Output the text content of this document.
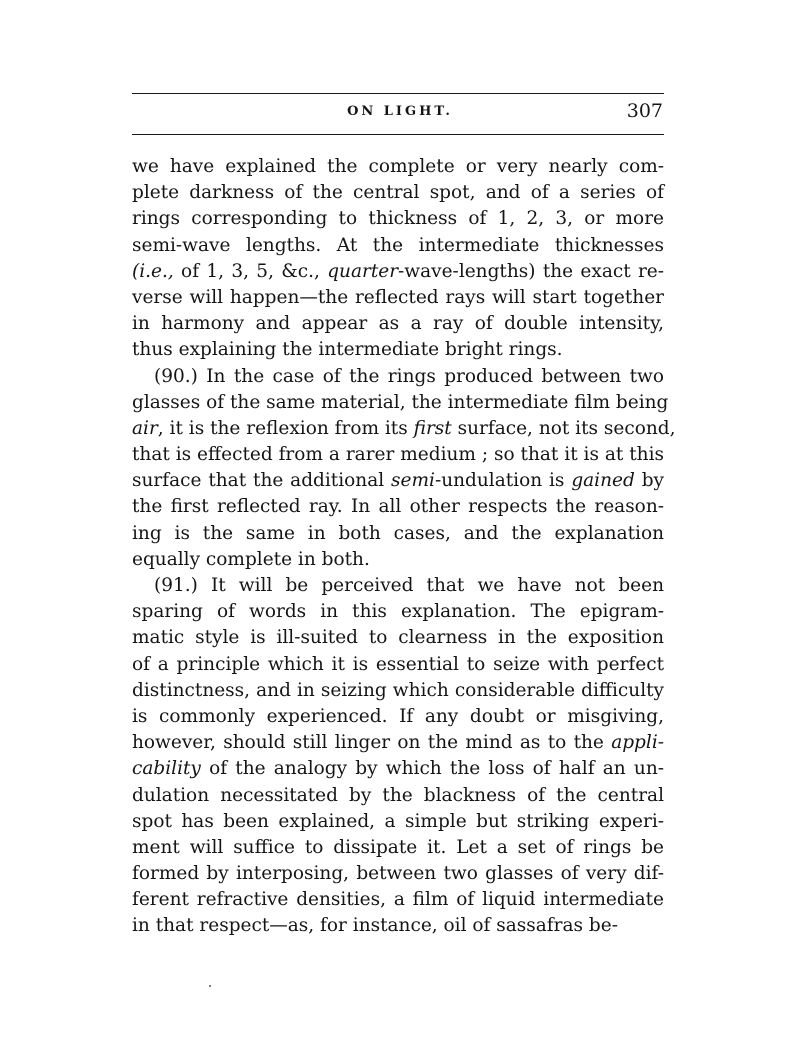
ON LIGHT.	307
we have explained the complete or very nearly com-
plete darkness of the central spot, and of a series of
rings corresponding to thickness of 1, 2, 3, or more
semi-wave lengths. At the intermediate thicknesses
(i.e., of 1, 3, 5, &c., quarter-wave-lengths) the exact re-
verse will happen—the reflected rays will start together
in harmony and appear as a ray of double intensity,
thus explaining the intermediate bright rings.
(90.) In the case of the rings produced between two
glasses of the same material, the intermediate film being
air, it is the reflexion from its first surface, not its second,
that is effected from a rarer medium ; so that it is at this
surface that the additional semi-undulation is gained by
the first reflected ray. In all other respects the reason-
ing is the same in both cases, and the explanation
equally complete in both.
(91.) It will be perceived that we have not been
sparing of words in this explanation. The epigram-
matic style is ill-suited to clearness in the exposition
of a principle which it is essential to seize with perfect
distinctness, and in seizing which considerable difficulty
is commonly experienced. If any doubt or misgiving,
however, should still linger on the mind as to the appli-
cability of the analogy by which the loss of half an un-
dulation necessitated by the blackness of the central
spot has been explained, a simple but striking experi-
ment will suffice to dissipate it. Let a set of rings be
formed by interposing, between two glasses of very dif-
ferent refractive densities, a film of liquid intermediate
in that respect—as, for instance, oil of sassafras be-
